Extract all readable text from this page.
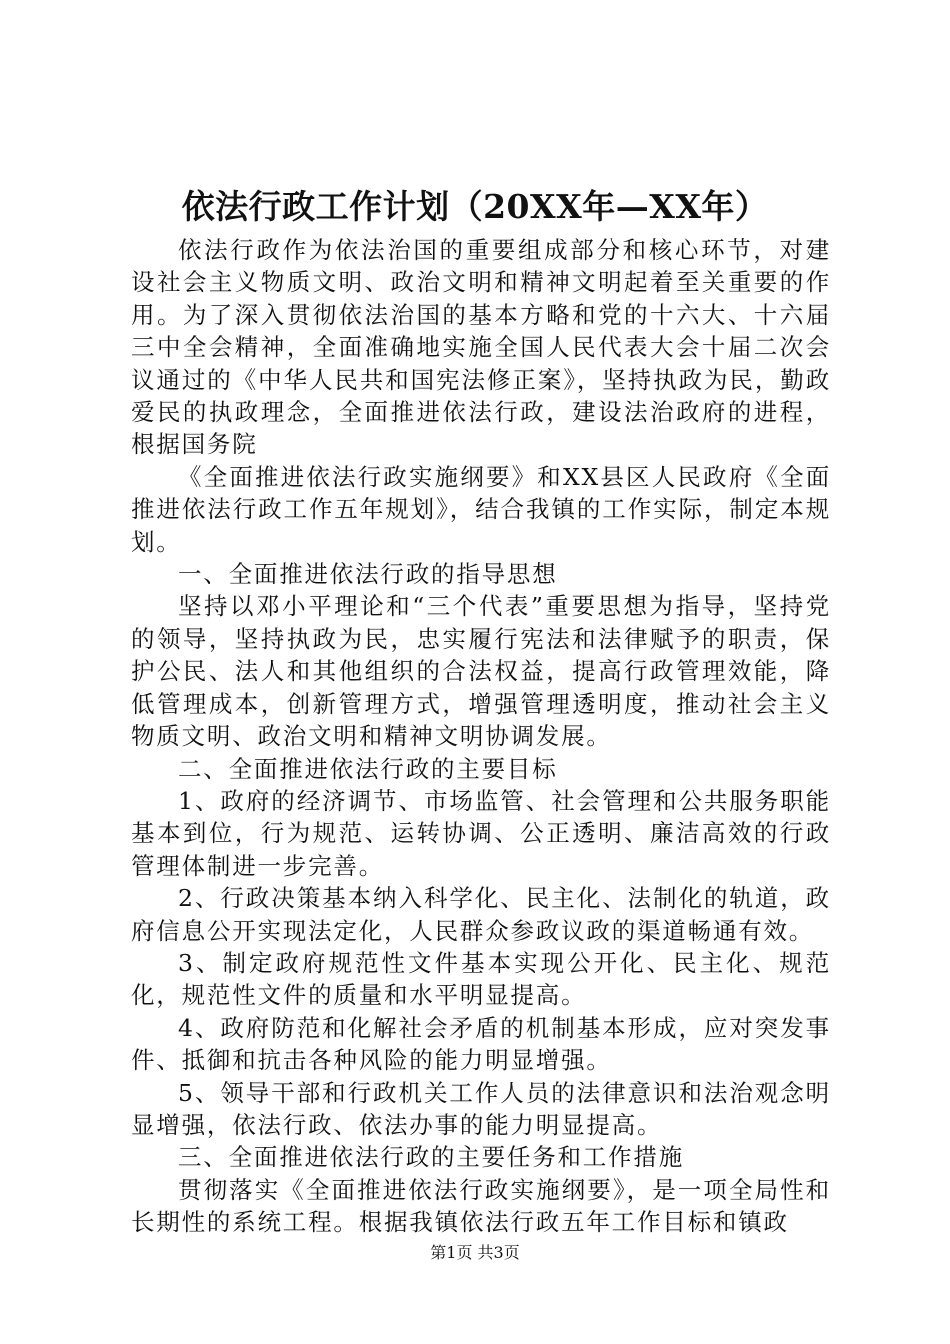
依法行政工作计划（20XX年—XX年）

依法行政作为依法治国的重要组成部分和核心环节，对建设社会主义物质文明、政治文明和精神文明起着至关重要的作用。为了深入贯彻依法治国的基本方略和党的十六大、十六届三中全会精神，全面准确地实施全国人民代表大会十届二次会议通过的《中华人民共和国宪法修正案》，坚持执政为民，勤政爱民的执政理念，全面推进依法行政，建设法治政府的进程，根据国务院

《全面推进依法行政实施纲要》和XX县区人民政府《全面推进依法行政工作五年规划》，结合我镇的工作实际，制定本规划。

一、全面推进依法行政的指导思想

坚持以邓小平理论和“三个代表”重要思想为指导，坚持党的领导，坚持执政为民，忠实履行宪法和法律赋予的职责，保护公民、法人和其他组织的合法权益，提高行政管理效能，降低管理成本，创新管理方式，增强管理透明度，推动社会主义物质文明、政治文明和精神文明协调发展。

二、全面推进依法行政的主要目标

1、政府的经济调节、市场监管、社会管理和公共服务职能基本到位，行为规范、运转协调、公正透明、廉洁高效的行政管理体制进一步完善。

2、行政决策基本纳入科学化、民主化、法制化的轨道，政府信息公开实现法定化，人民群众参政议政的渠道畅通有效。

3、制定政府规范性文件基本实现公开化、民主化、规范化，规范性文件的质量和水平明显提高。

4、政府防范和化解社会矛盾的机制基本形成，应对突发事件、抵御和抗击各种风险的能力明显增强。

5、领导干部和行政机关工作人员的法律意识和法治观念明显增强，依法行政、依法办事的能力明显提高。

三、全面推进依法行政的主要任务和工作措施

贯彻落实《全面推进依法行政实施纲要》，是一项全局性和长期性的系统工程。根据我镇依法行政五年工作目标和镇政

第1页 共3页
